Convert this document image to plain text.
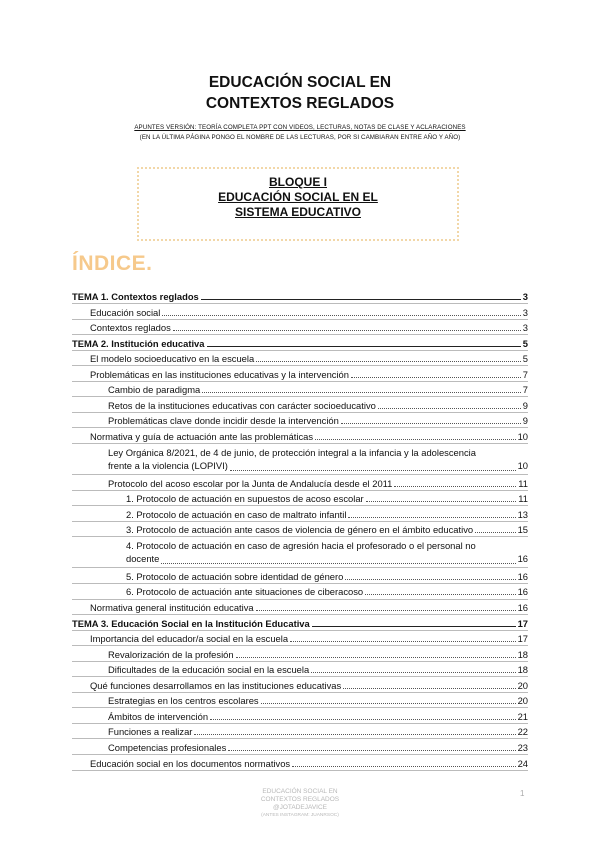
EDUCACIÓN SOCIAL EN
CONTEXTOS REGLADOS
APUNTES VERSIÓN: TEORÍA COMPLETA PPT CON VIDEOS, LECTURAS, NOTAS DE CLASE Y ACLARACIONES
(EN LA ÚLTIMA PÁGINA PONGO EL NOMBRE DE LAS LECTURAS, POR SI CAMBIARAN ENTRE AÑO Y AÑO)
BLOQUE I
EDUCACIÓN SOCIAL EN EL
SISTEMA EDUCATIVO
ÍNDICE.
TEMA 1. Contextos reglados	3
Educación social	3
Contextos reglados	3
TEMA 2. Institución educativa	5
El modelo socioeducativo en la escuela	5
Problemáticas en las instituciones educativas y la intervención	7
Cambio de paradigma	7
Retos de la instituciones educativas con carácter socioeducativo	9
Problemáticas clave donde incidir desde la intervención	9
Normativa y guía de actuación ante las problemáticas	10
Ley Orgánica 8/2021, de 4 de junio, de protección integral a la infancia y la adolescencia
frente a la violencia (LOPIVI)	10
Protocolo del acoso escolar por la Junta de Andalucía desde el 2011	11
1. Protocolo de actuación en supuestos de acoso escolar	11
2. Protocolo de actuación en caso de maltrato infantil	13
3. Protocolo de actuación ante casos de violencia de género en el ámbito educativo	15
4. Protocolo de actuación en caso de agresión hacia el profesorado o el personal no
docente	16
5. Protocolo de actuación sobre identidad de género	16
6. Protocolo de actuación ante situaciones de ciberacoso	16
Normativa general institución educativa	16
TEMA 3. Educación Social en la Institución Educativa	17
Importancia del educador/a social en la escuela	17
Revalorización de la profesión	18
Dificultades de la educación social en la escuela	18
Qué funciones desarrollamos en las instituciones educativas	20
Estrategias en los centros escolares	20
Ámbitos de intervención	21
Funciones a realizar	22
Competencias profesionales	23
Educación social en los documentos normativos	24
EDUCACIÓN SOCIAL EN
CONTEXTOS REGLADOS
@JOTADEJAVICE
(ANTES INSTAGRAM: JUANRSOC)
1
